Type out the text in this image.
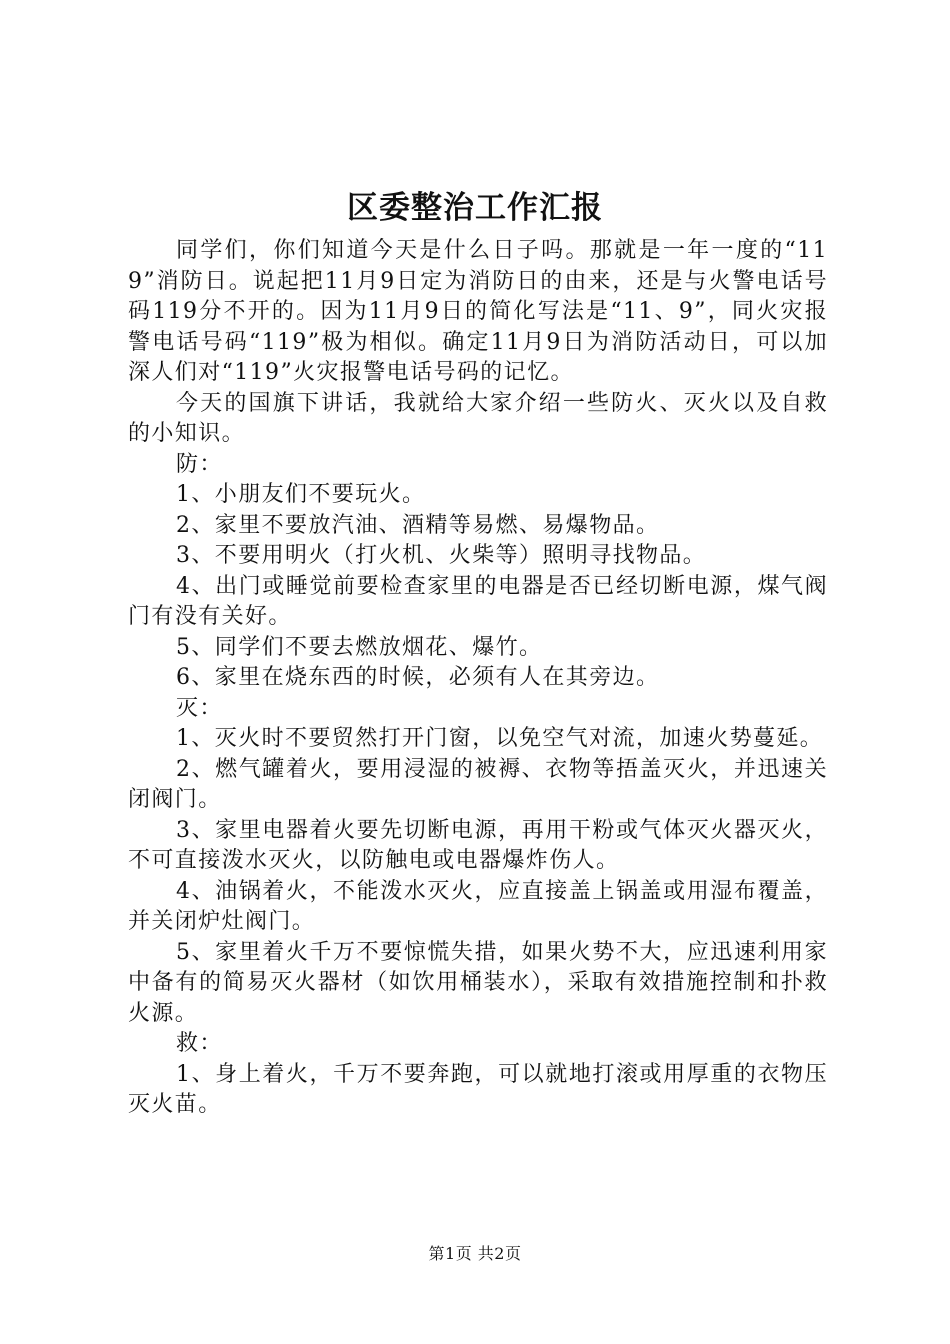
区委整治工作汇报

同学们，你们知道今天是什么日子吗。那就是一年一度的“119”消防日。说起把11月9日定为消防日的由来，还是与火警电话号码119分不开的。因为11月9日的简化写法是“11、9”，同火灾报警电话号码“119”极为相似。确定11月9日为消防活动日，可以加深人们对“119”火灾报警电话号码的记忆。

今天的国旗下讲话，我就给大家介绍一些防火、灭火以及自救的小知识。

防：

1、小朋友们不要玩火。

2、家里不要放汽油、酒精等易燃、易爆物品。

3、不要用明火（打火机、火柴等）照明寻找物品。

4、出门或睡觉前要检查家里的电器是否已经切断电源，煤气阀门有没有关好。

5、同学们不要去燃放烟花、爆竹。

6、家里在烧东西的时候，必须有人在其旁边。

灭：

1、灭火时不要贸然打开门窗，以免空气对流，加速火势蔓延。

2、燃气罐着火，要用浸湿的被褥、衣物等捂盖灭火，并迅速关闭阀门。

3、家里电器着火要先切断电源，再用干粉或气体灭火器灭火，不可直接泼水灭火，以防触电或电器爆炸伤人。

4、油锅着火，不能泼水灭火，应直接盖上锅盖或用湿布覆盖，并关闭炉灶阀门。

5、家里着火千万不要惊慌失措，如果火势不大，应迅速利用家中备有的简易灭火器材（如饮用桶装水），采取有效措施控制和扑救火源。

救：

1、身上着火，千万不要奔跑，可以就地打滚或用厚重的衣物压灭火苗。

第1页 共2页
